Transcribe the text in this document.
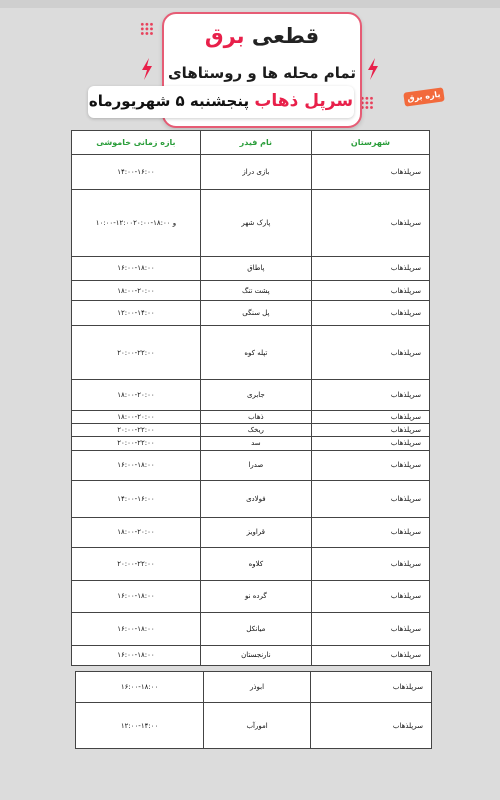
قطعی برق
تمام محله ها و روستاهای
سرپل ذهاب پنجشنبه ۵ شهریورماه	یاره برق
بازه زمانی خاموشی	نام فیدر	شهرستان
۱۴:۰۰-۱۶:۰۰	بازی دراز	سرپلذهاب
۱۰:۰۰-۱۲:۰۰و ۱۸:۰۰-۲۰:۰۰	پارک شهر	سرپلذهاب
۱۶:۰۰-۱۸:۰۰	پاطاق	سرپلذهاب
۱۸:۰۰-۲۰:۰۰	پشت تنگ	سرپلذهاب
۱۲:۰۰-۱۴:۰۰	پل سنگی	سرپلذهاب
۲۰:۰۰-۲۲:۰۰	تپله کوه	سرپلذهاب
۱۸:۰۰-۲۰:۰۰	جابری	سرپلذهاب
۱۸:۰۰-۲۰:۰۰	ذهاب	سرپلذهاب
۲۰:۰۰-۲۲:۰۰	ریخک	سرپلذهاب
۲۰:۰۰-۲۲:۰۰	سد	سرپلذهاب
۱۶:۰۰-۱۸:۰۰	صدرا	سرپلذهاب
۱۴:۰۰-۱۶:۰۰	فولادی	سرپلذهاب
۱۸:۰۰-۲۰:۰۰	قراویز	سرپلذهاب
۲۰:۰۰-۲۲:۰۰	کلاوه	سرپلذهاب
۱۶:۰۰-۱۸:۰۰	گرده نو	سرپلذهاب
۱۶:۰۰-۱۸:۰۰	میانکل	سرپلذهاب
۱۶:۰۰-۱۸:۰۰	نارنجستان	سرپلذهاب
۱۶:۰۰-۱۸:۰۰	ابوذر	سرپلذهاب
۱۲:۰۰-۱۴:۰۰	امورآب	سرپلذهاب
